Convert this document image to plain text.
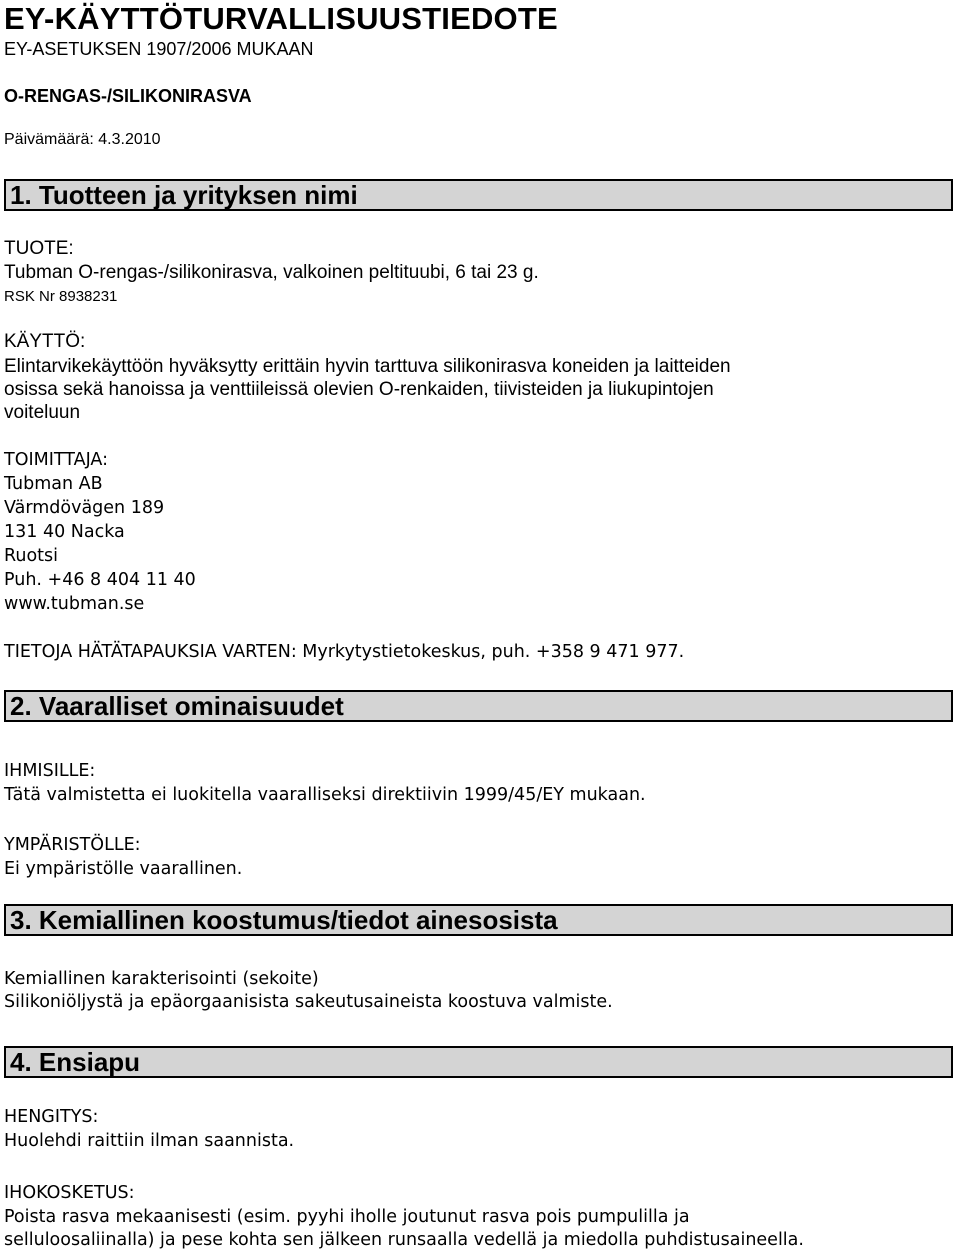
EY-KÄYTTÖTURVALLISUUSTIEDOTE
EY-ASETUKSEN 1907/2006 MUKAAN
O-RENGAS-/SILIKONIRASVA
Päivämäärä: 4.3.2010
1. Tuotteen ja yrityksen nimi
TUOTE:
Tubman O-rengas-/silikonirasva, valkoinen peltituubi, 6 tai 23 g.
RSK Nr 8938231
KÄYTTÖ:
Elintarvikekäyttöön hyväksytty erittäin hyvin tarttuva silikonirasva koneiden ja laitteiden
osissa sekä hanoissa ja venttiileissä olevien O-renkaiden, tiivisteiden ja liukupintojen
voiteluun
TOIMITTAJA:
Tubman AB
Värmdövägen 189
131 40 Nacka
Ruotsi
Puh. +46 8 404 11 40
www.tubman.se
TIETOJA HÄTÄTAPAUKSIA VARTEN: Myrkytystietokeskus, puh. +358 9 471 977.
2. Vaaralliset ominaisuudet
IHMISILLE:
Tätä valmistetta ei luokitella vaaralliseksi direktiivin 1999/45/EY mukaan.
YMPÄRISTÖLLE:
Ei ympäristölle vaarallinen.
3. Kemiallinen koostumus/tiedot ainesosista
Kemiallinen karakterisointi (sekoite)
Silikoniöljystä ja epäorgaanisista sakeutusaineista koostuva valmiste.
4. Ensiapu
HENGITYS:
Huolehdi raittiin ilman saannista.
IHOKOSKETUS:
Poista rasva mekaanisesti (esim. pyyhi iholle joutunut rasva pois pumpulilla ja
selluloosaliinalla) ja pese kohta sen jälkeen runsaalla vedellä ja miedolla puhdistusaineella.
